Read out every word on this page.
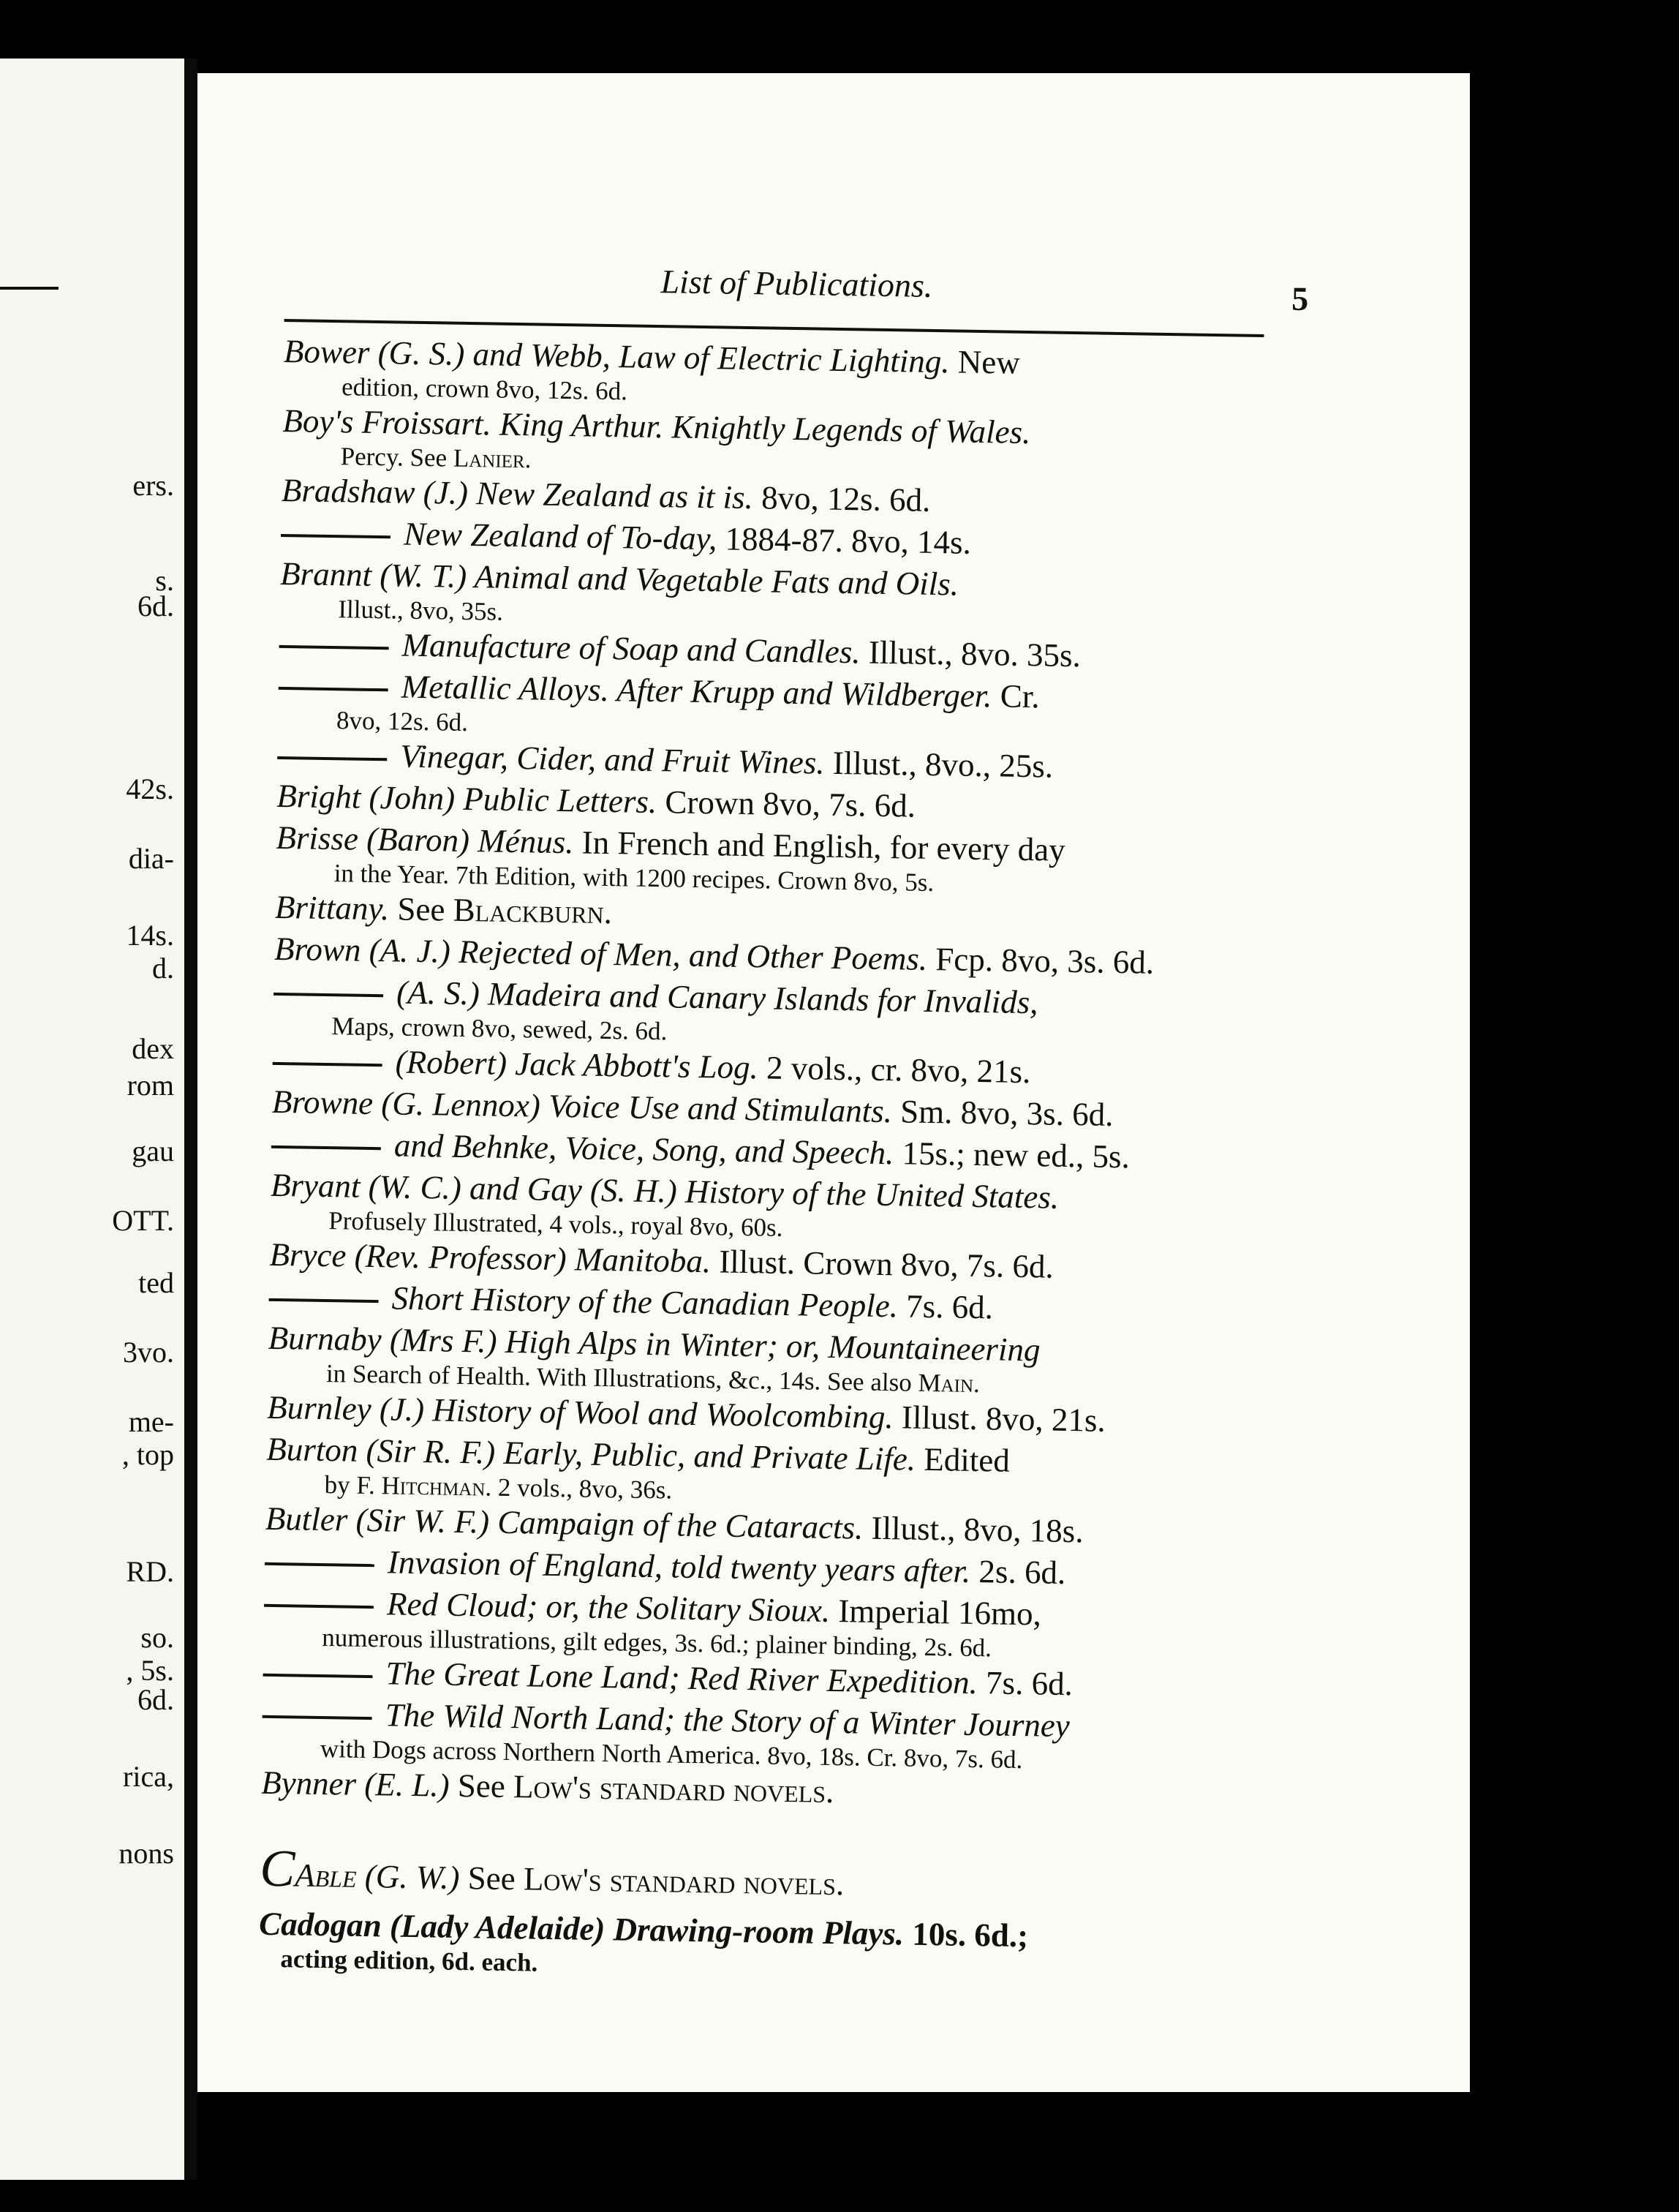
List of Publications.	5
Bower (G. S.) and Webb, Law of Electric Lighting. New
edition, crown 8vo, 12s. 6d.
Boy's Froissart. King Arthur. Knightly Legends of Wales.
Percy. See Lanier.
Bradshaw (J.) New Zealand as it is. 8vo, 12s. 6d.
New Zealand of To-day, 1884-87. 8vo, 14s.
Brannt (W. T.) Animal and Vegetable Fats and Oils.
Illust., 8vo, 35s.
Manufacture of Soap and Candles. Illust., 8vo. 35s.
Metallic Alloys. After Krupp and Wildberger. Cr.
8vo, 12s. 6d.
Vinegar, Cider, and Fruit Wines. Illust., 8vo., 25s.
Bright (John) Public Letters. Crown 8vo, 7s. 6d.
Brisse (Baron) Ménus. In French and English, for every day
in the Year. 7th Edition, with 1200 recipes. Crown 8vo, 5s.
Brittany. See Blackburn.
Brown (A. J.) Rejected of Men, and Other Poems. Fcp. 8vo, 3s. 6d.
(A. S.) Madeira and Canary Islands for Invalids,
Maps, crown 8vo, sewed, 2s. 6d.
(Robert) Jack Abbott's Log. 2 vols., cr. 8vo, 21s.
Browne (G. Lennox) Voice Use and Stimulants. Sm. 8vo, 3s. 6d.
and Behnke, Voice, Song, and Speech. 15s.; new ed., 5s.
Bryant (W. C.) and Gay (S. H.) History of the United States.
Profusely Illustrated, 4 vols., royal 8vo, 60s.
Bryce (Rev. Professor) Manitoba. Illust. Crown 8vo, 7s. 6d.
Short History of the Canadian People. 7s. 6d.
Burnaby (Mrs F.) High Alps in Winter; or, Mountaineering
in Search of Health. With Illustrations, &c., 14s. See also Main.
Burnley (J.) History of Wool and Woolcombing. Illust. 8vo, 21s.
Burton (Sir R. F.) Early, Public, and Private Life. Edited
by F. Hitchman. 2 vols., 8vo, 36s.
Butler (Sir W. F.) Campaign of the Cataracts. Illust., 8vo, 18s.
Invasion of England, told twenty years after. 2s. 6d.
Red Cloud; or, the Solitary Sioux. Imperial 16mo,
numerous illustrations, gilt edges, 3s. 6d.; plainer binding, 2s. 6d.
The Great Lone Land; Red River Expedition. 7s. 6d.
The Wild North Land; the Story of a Winter Journey
with Dogs across Northern North America. 8vo, 18s. Cr. 8vo, 7s. 6d.
Bynner (E. L.) See Low's standard novels.
CAble (G. W.) See Low's standard novels.
Cadogan (Lady Adelaide) Drawing-room Plays. 10s. 6d.;
acting edition, 6d. each.
ers.
s.
6d.
42s.
dia-
14s.
d.
dex
rom
gau
OTT.
ted
3vo.
me-
, top
RD.
so.
, 5s.
6d.
rica,
nons
